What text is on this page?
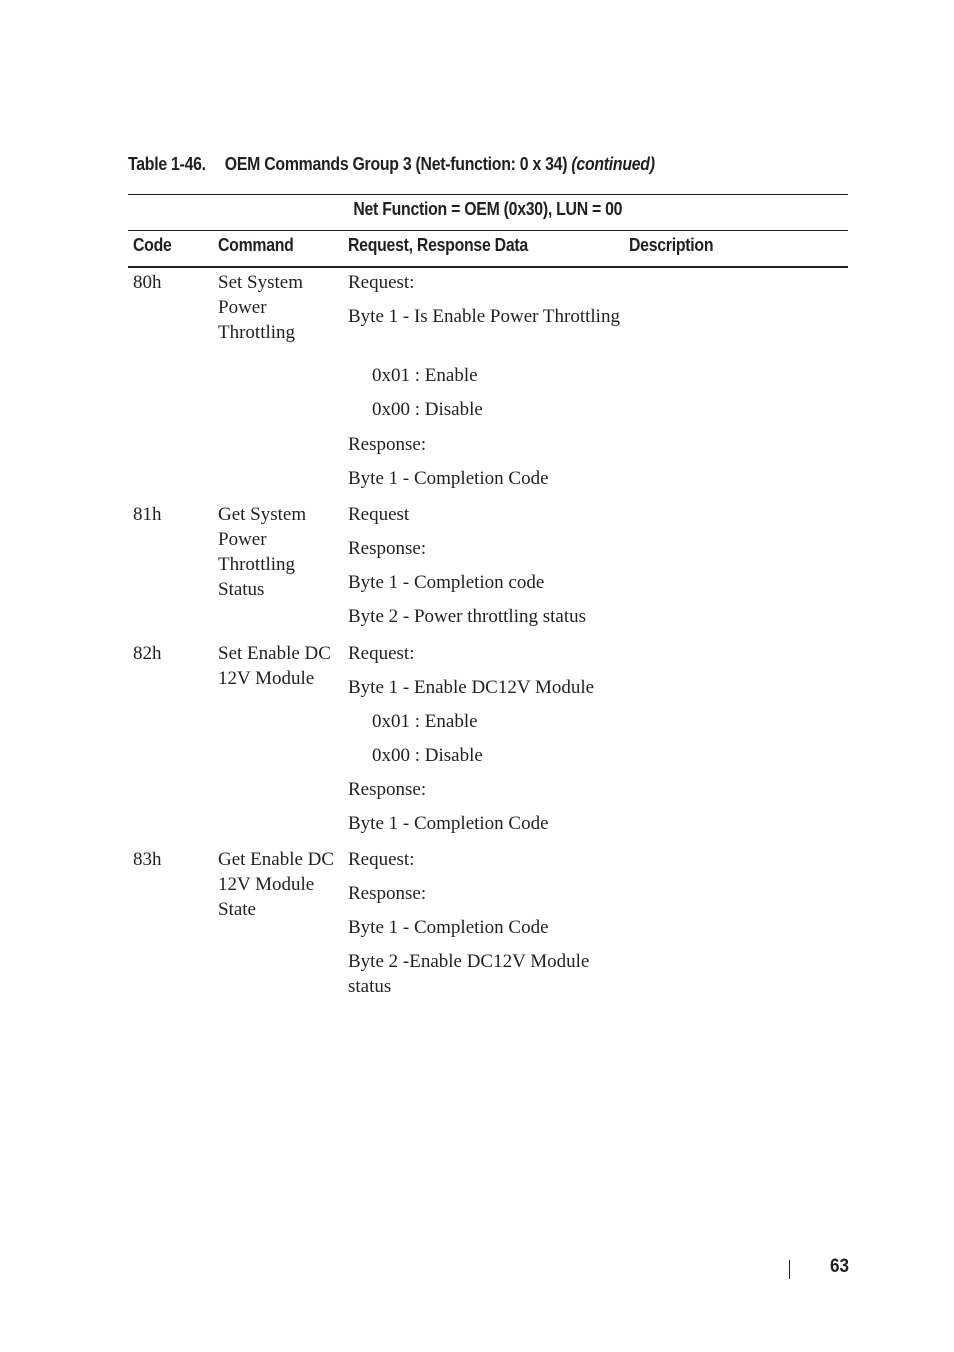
Table 1-46. OEM Commands Group 3 (Net-function: 0 x 34) (continued)
Net Function = OEM (0x30), LUN = 00
Code	Command	Request, Response Data	Description
80h	Set System Power Throttling
Request:
Byte 1 - Is Enable Power Throttling
0x01 : Enable
0x00 : Disable
Response:
Byte 1 - Completion Code
81h	Get System Power Throttling Status
Request
Response:
Byte 1 - Completion code
Byte 2 - Power throttling status
82h	Set Enable DC 12V Module
Request:
Byte 1 - Enable DC12V Module
0x01 : Enable
0x00 : Disable
Response:
Byte 1 - Completion Code
83h	Get Enable DC 12V Module State
Request:
Response:
Byte 1 - Completion Code
Byte 2 -Enable DC12V Module status
63
